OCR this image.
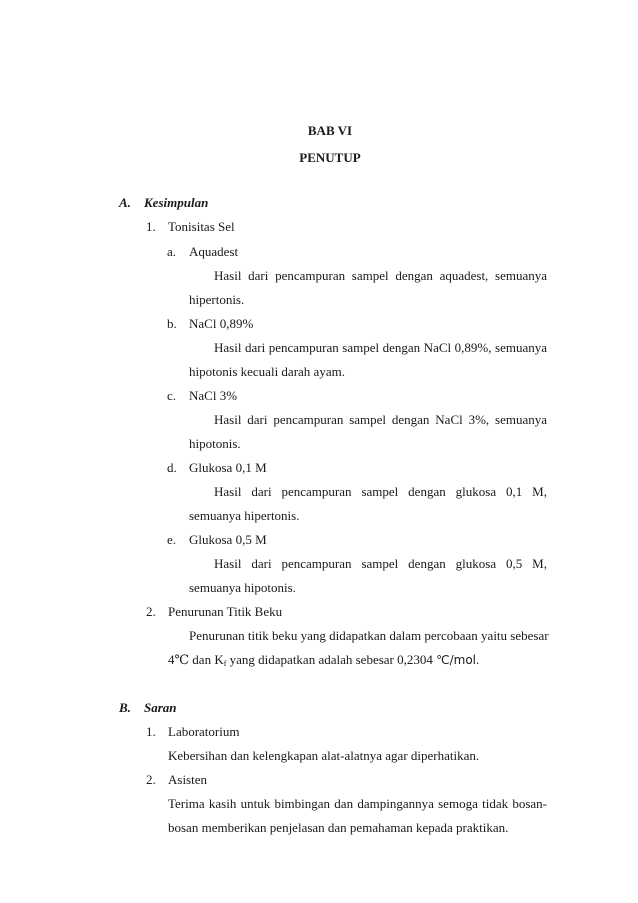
BAB VI
PENUTUP
A. Kesimpulan
1. Tonisitas Sel
a. Aquadest
Hasil dari pencampuran sampel dengan aquadest, semuanya
hipertonis.
b. NaCl 0,89%
Hasil dari pencampuran sampel dengan NaCl 0,89%, semuanya
hipotonis kecuali darah ayam.
c. NaCl 3%
Hasil dari pencampuran sampel dengan NaCl 3%, semuanya
hipotonis.
d. Glukosa 0,1 M
Hasil dari pencampuran sampel dengan glukosa 0,1 M,
semuanya hipertonis.
e. Glukosa 0,5 M
Hasil dari pencampuran sampel dengan glukosa 0,5 M,
semuanya hipotonis.
2. Penurunan Titik Beku
Penurunan titik beku yang didapatkan dalam percobaan yaitu sebesar
4℃ dan $K_f$ yang didapatkan adalah sebesar 0,2304 ℃/mol.
B. Saran
1. Laboratorium
Kebersihan dan kelengkapan alat-alatnya agar diperhatikan.
2. Asisten
Terima kasih untuk bimbingan dan dampingannya semoga tidak bosan-
bosan memberikan penjelasan dan pemahaman kepada praktikan.
